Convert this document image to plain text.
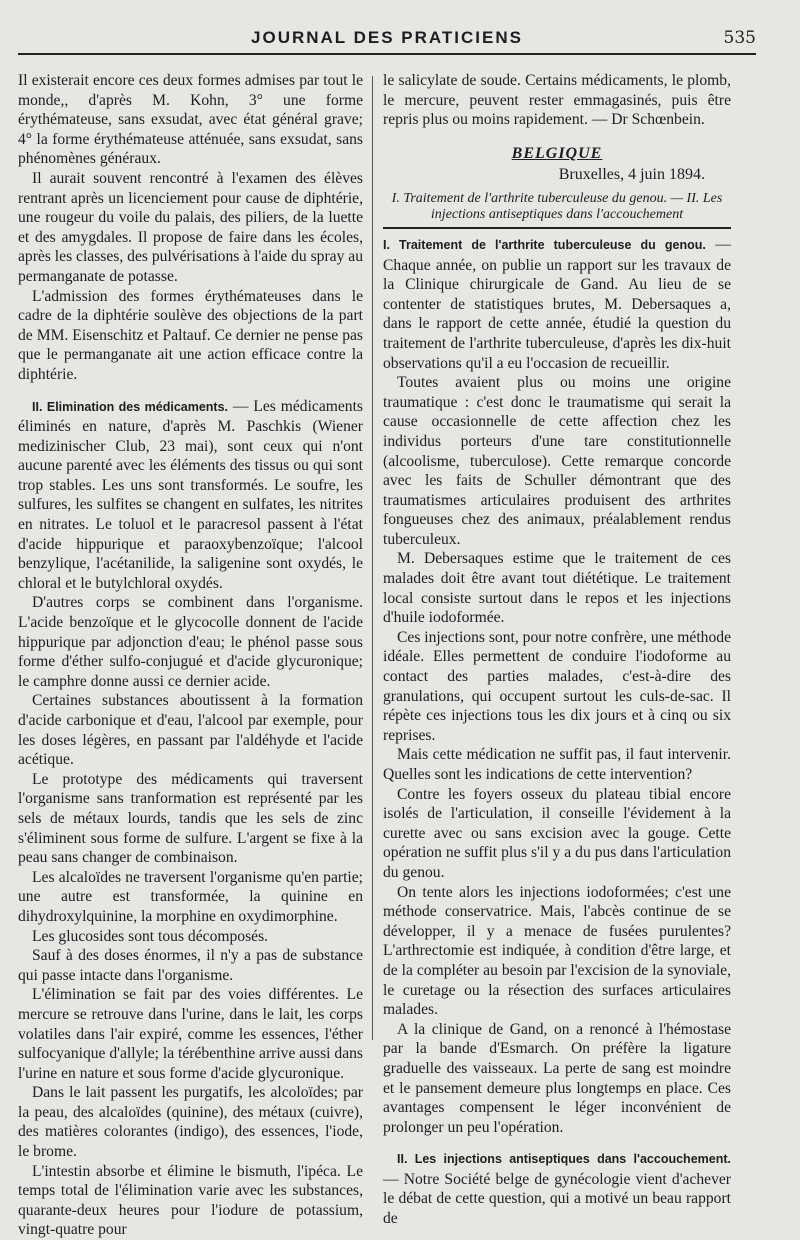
JOURNAL DES PRATICIENS	535

Il existerait encore ces deux formes admises par tout le monde,, d'après M. Kohn, 3° une forme érythémateuse, sans exsudat, avec état général grave; 4° la forme érythémateuse atténuée, sans exsudat, sans phénomènes généraux.

Il aurait souvent rencontré à l'examen des élèves rentrant après un licenciement pour cause de diphtérie, une rougeur du voile du palais, des piliers, de la luette et des amygdales. Il propose de faire dans les écoles, après les classes, des pulvérisations à l'aide du spray au permanganate de potasse.

L'admission des formes érythémateuses dans le cadre de la diphtérie soulève des objections de la part de MM. Eisenschitz et Paltauf. Ce dernier ne pense pas que le permanganate ait une action efficace contre la diphtérie.

II. Elimination des médicaments. — Les médicaments éliminés en nature, d'après M. Paschkis (Wiener medizinischer Club, 23 mai), sont ceux qui n'ont aucune parenté avec les éléments des tissus ou qui sont trop stables. Les uns sont transformés. Le soufre, les sulfures, les sulfites se changent en sulfates, les nitrites en nitrates. Le toluol et le paracresol passent à l'état d'acide hippurique et paraoxybenzoïque; l'alcool benzylique, l'acétanilide, la saligenine sont oxydés, le chloral et le butylchloral oxydés.

D'autres corps se combinent dans l'organisme. L'acide benzoïque et le glycocolle donnent de l'acide hippurique par adjonction d'eau; le phénol passe sous forme d'éther sulfo-conjugué et d'acide glycuronique; le camphre donne aussi ce dernier acide.

Certaines substances aboutissent à la formation d'acide carbonique et d'eau, l'alcool par exemple, pour les doses légères, en passant par l'aldéhyde et l'acide acétique.

Le prototype des médicaments qui traversent l'organisme sans tranformation est représenté par les sels de métaux lourds, tandis que les sels de zinc s'éliminent sous forme de sulfure. L'argent se fixe à la peau sans changer de combinaison.

Les alcaloïdes ne traversent l'organisme qu'en partie; une autre est transformée, la quinine en dihydroxylquinine, la morphine en oxydimorphine.

Les glucosides sont tous décomposés.

Sauf à des doses énormes, il n'y a pas de substance qui passe intacte dans l'organisme.

L'élimination se fait par des voies différentes. Le mercure se retrouve dans l'urine, dans le lait, les corps volatiles dans l'air expiré, comme les essences, l'éther sulfocyanique d'allyle; la térébenthine arrive aussi dans l'urine en nature et sous forme d'acide glycuronique.

Dans le lait passent les purgatifs, les alcoloïdes; par la peau, des alcaloïdes (quinine), des métaux (cuivre), des matières colorantes (indigo), des essences, l'iode, le brome.

L'intestin absorbe et élimine le bismuth, l'ipéca. Le temps total de l'élimination varie avec les substances, quarante-deux heures pour l'iodure de potassium, vingt-quatre pour

le salicylate de soude. Certains médicaments, le plomb, le mercure, peuvent rester emmagasinés, puis être repris plus ou moins rapidement. — Dr Schœnbein.

BELGIQUE
Bruxelles, 4 juin 1894.
I. Traitement de l'arthrite tuberculeuse du genou. — II. Les injections antiseptiques dans l'accouchement

I. Traitement de l'arthrite tuberculeuse du genou. — Chaque année, on publie un rapport sur les travaux de la Clinique chirurgicale de Gand. Au lieu de se contenter de statistiques brutes, M. Debersaques a, dans le rapport de cette année, étudié la question du traitement de l'arthrite tuberculeuse, d'après les dix-huit observations qu'il a eu l'occasion de recueillir.

Toutes avaient plus ou moins une origine traumatique : c'est donc le traumatisme qui serait la cause occasionnelle de cette affection chez les individus porteurs d'une tare constitutionnelle (alcoolisme, tuberculose). Cette remarque concorde avec les faits de Schuller démontrant que des traumatismes articulaires produisent des arthrites fongueuses chez des animaux, préalablement rendus tuberculeux.

M. Debersaques estime que le traitement de ces malades doit être avant tout diététique. Le traitement local consiste surtout dans le repos et les injections d'huile iodoformée.

Ces injections sont, pour notre confrère, une méthode idéale. Elles permettent de conduire l'iodoforme au contact des parties malades, c'est-à-dire des granulations, qui occupent surtout les culs-de-sac. Il répète ces injections tous les dix jours et à cinq ou six reprises.

Mais cette médication ne suffit pas, il faut intervenir. Quelles sont les indications de cette intervention?

Contre les foyers osseux du plateau tibial encore isolés de l'articulation, il conseille l'évidement à la curette avec ou sans excision avec la gouge. Cette opération ne suffit plus s'il y a du pus dans l'articulation du genou.

On tente alors les injections iodoformées; c'est une méthode conservatrice. Mais, l'abcès continue de se développer, il y a menace de fusées purulentes? L'arthrectomie est indiquée, à condition d'être large, et de la compléter au besoin par l'excision de la synoviale, le curetage ou la résection des surfaces articulaires malades.

A la clinique de Gand, on a renoncé à l'hémostase par la bande d'Esmarch. On préfère la ligature graduelle des vaisseaux. La perte de sang est moindre et le pansement demeure plus longtemps en place. Ces avantages compensent le léger inconvénient de prolonger un peu l'opération.

II. Les injections antiseptiques dans l'accouchement. — Notre Société belge de gynécologie vient d'achever le débat de cette question, qui a motivé un beau rapport de
